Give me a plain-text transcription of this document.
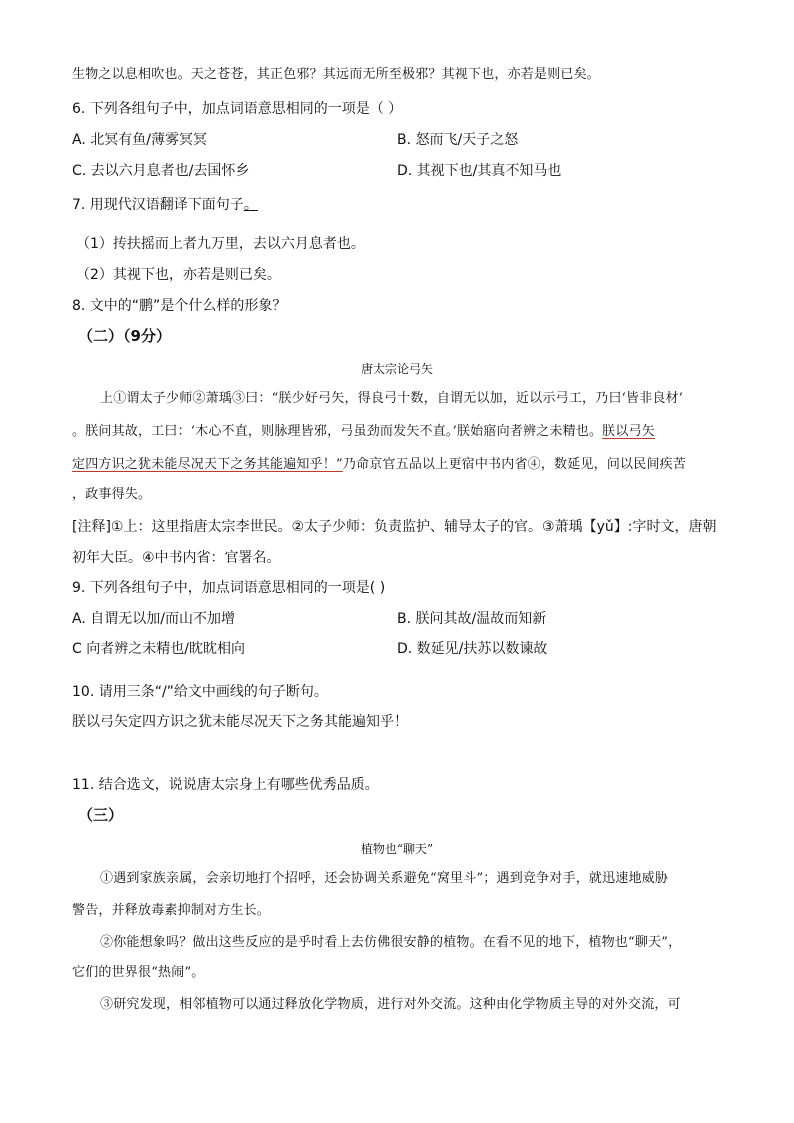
生物之以息相吹也。天之苍苍，其正色邪？其远而无所至极邪？其视下也，亦若是则已矣。
6. 下列各组句子中，加点词语意思相同的一项是（ ）
A. 北冥有鱼/薄雾冥冥	B. 怒而飞/天子之怒
C. 去以六月息者也/去国怀乡	D. 其视下也/其真不知马也
7. 用现代汉语翻译下面句子。
（1）抟扶摇而上者九万里，去以六月息者也。
（2）其视下也，亦若是则已矣。
8. 文中的“鹏”是个什么样的形象？
（二）（9分）
唐太宗论弓矢
上①谓太子少师②萧瑀③曰：“朕少好弓矢，得良弓十数，自谓无以加，近以示弓工，乃曰‘皆非良材’
。朕问其故，工曰：‘木心不直，则脉理皆邪，弓虽劲而发矢不直。’朕始寤向者辨之未精也。朕以弓矢
定四方识之犹未能尽况天下之务其能遍知乎！”乃命京官五品以上更宿中书内省④，数延见，问以民间疾苦
，政事得失。
[注释]①上：这里指唐太宗李世民。②太子少师：负责监护、辅导太子的官。③萧瑀【yǔ】:字时文，唐朝
初年大臣。④中书内省：官署名。
9. 下列各组句子中，加点词语意思相同的一项是( )
A. 自谓无以加/而山不加增	B. 朕问其故/温故而知新
C 向者辨之未精也/眈眈相向	D. 数延见/扶苏以数谏故
10. 请用三条“/”给文中画线的句子断句。
朕以弓矢定四方识之犹未能尽况天下之务其能遍知乎！
11. 结合选文，说说唐太宗身上有哪些优秀品质。
（三）
植物也“聊天”
①遇到家族亲属，会亲切地打个招呼，还会协调关系避免“窝里斗”；遇到竞争对手，就迅速地威胁
警告，并释放毒素抑制对方生长。
②你能想象吗？做出这些反应的是乎时看上去仿佛很安静的植物。在看不见的地下，植物也“聊天”，
它们的世界很“热闹”。
③研究发现，相邻植物可以通过释放化学物质，进行对外交流。这种由化学物质主导的对外交流，可
